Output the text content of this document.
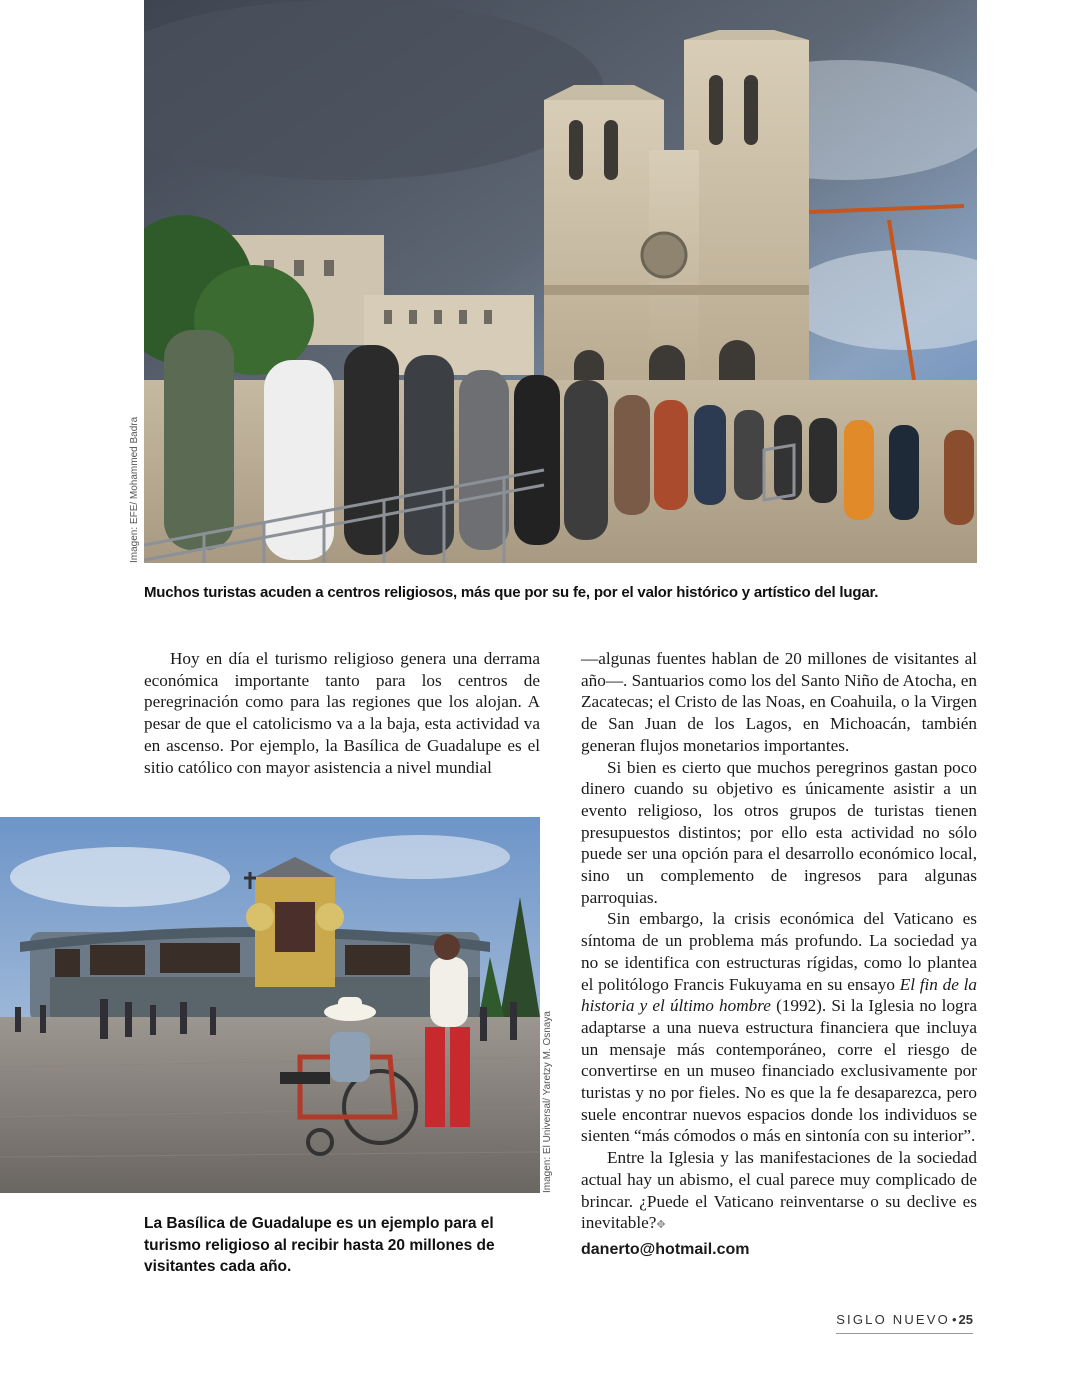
Imagen: EFE/ Mohammed Badra
Muchos turistas acuden a centros religiosos, más que por su fe, por el valor histórico y artístico del lugar.

Hoy en día el turismo religioso genera una derrama económica importante tanto para los centros de peregrinación como para las regiones que los alojan. A pesar de que el catolicismo va a la baja, esta actividad va en ascenso. Por ejemplo, la Basílica de Guadalupe es el sitio católico con mayor asistencia a nivel mundial

—algunas fuentes hablan de 20 millones de visitantes al año—. Santuarios como los del Santo Niño de Atocha, en Zacatecas; el Cristo de las Noas, en Coahuila, o la Virgen de San Juan de los Lagos, en Michoacán, también generan flujos monetarios importantes.

Si bien es cierto que muchos peregrinos gastan poco dinero cuando su objetivo es únicamente asistir a un evento religioso, los otros grupos de turistas tienen presupuestos distintos; por ello esta actividad no sólo puede ser una opción para el desarrollo económico local, sino un complemento de ingresos para algunas parroquias.

Sin embargo, la crisis económica del Vaticano es síntoma de un problema más profundo. La sociedad ya no se identifica con estructuras rígidas, como lo plantea el politólogo Francis Fukuyama en su ensayo El fin de la historia y el último hombre (1992). Si la Iglesia no logra adaptarse a una nueva estructura financiera que incluya un mensaje más contemporáneo, corre el riesgo de convertirse en un museo financiado exclusivamente por turistas y no por fieles. No es que la fe desaparezca, pero suele encontrar nuevos espacios donde los individuos se sienten “más cómodos o más en sintonía con su interior”.

Entre la Iglesia y las manifestaciones de la sociedad actual hay un abismo, el cual parece muy complicado de brincar. ¿Puede el Vaticano reinventarse o su declive es inevitable?✥

danerto@hotmail.com

Imagen: El Universal/ Yaretzy M. Osnaya
La Basílica de Guadalupe es un ejemplo para el turismo religioso al recibir hasta 20 millones de visitantes cada año.
SIGLO NUEVO • 25
